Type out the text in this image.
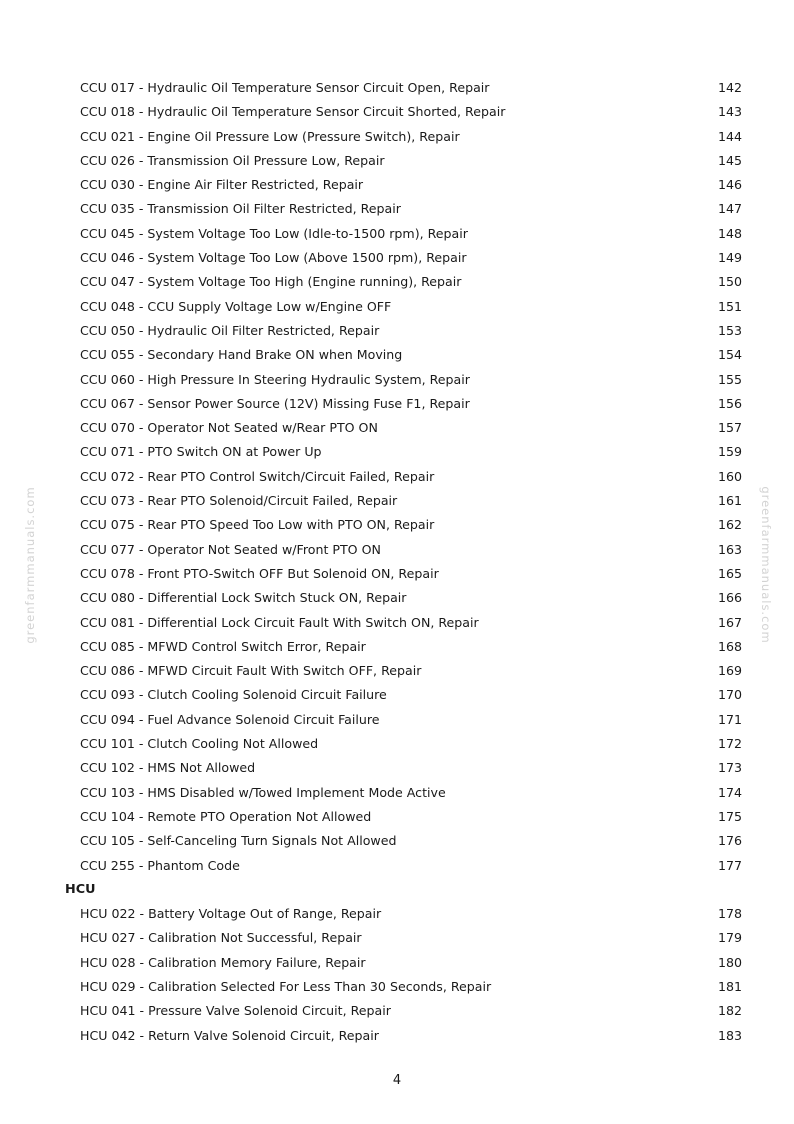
greenfarmmanuals.com	greenfarmmanuals.com
CCU 017 - Hydraulic Oil Temperature Sensor Circuit Open, Repair	142
CCU 018 - Hydraulic Oil Temperature Sensor Circuit Shorted, Repair	143
CCU 021 - Engine Oil Pressure Low (Pressure Switch), Repair	144
CCU 026 - Transmission Oil Pressure Low, Repair	145
CCU 030 - Engine Air Filter Restricted, Repair	146
CCU 035 - Transmission Oil Filter Restricted, Repair	147
CCU 045 - System Voltage Too Low (Idle-to-1500 rpm), Repair	148
CCU 046 - System Voltage Too Low (Above 1500 rpm), Repair	149
CCU 047 - System Voltage Too High (Engine running), Repair	150
CCU 048 - CCU Supply Voltage Low w/Engine OFF	151
CCU 050 - Hydraulic Oil Filter Restricted, Repair	153
CCU 055 - Secondary Hand Brake ON when Moving	154
CCU 060 - High Pressure In Steering Hydraulic System, Repair	155
CCU 067 - Sensor Power Source (12V) Missing Fuse F1, Repair	156
CCU 070 - Operator Not Seated w/Rear PTO ON	157
CCU 071 - PTO Switch ON at Power Up	159
CCU 072 - Rear PTO Control Switch/Circuit Failed, Repair	160
CCU 073 - Rear PTO Solenoid/Circuit Failed, Repair	161
CCU 075 - Rear PTO Speed Too Low with PTO ON, Repair	162
CCU 077 - Operator Not Seated w/Front PTO ON	163
CCU 078 - Front PTO-Switch OFF But Solenoid ON, Repair	165
CCU 080 - Differential Lock Switch Stuck ON, Repair	166
CCU 081 - Differential Lock Circuit Fault With Switch ON, Repair	167
CCU 085 - MFWD Control Switch Error, Repair	168
CCU 086 - MFWD Circuit Fault With Switch OFF, Repair	169
CCU 093 - Clutch Cooling Solenoid Circuit Failure	170
CCU 094 - Fuel Advance Solenoid Circuit Failure	171
CCU 101 - Clutch Cooling Not Allowed	172
CCU 102 - HMS Not Allowed	173
CCU 103 - HMS Disabled w/Towed Implement Mode Active	174
CCU 104 - Remote PTO Operation Not Allowed	175
CCU 105 - Self-Canceling Turn Signals Not Allowed	176
CCU 255 - Phantom Code	177
HCU
HCU 022 - Battery Voltage Out of Range, Repair	178
HCU 027 - Calibration Not Successful, Repair	179
HCU 028 - Calibration Memory Failure, Repair	180
HCU 029 - Calibration Selected For Less Than 30 Seconds, Repair	181
HCU 041 - Pressure Valve Solenoid Circuit, Repair	182
HCU 042 - Return Valve Solenoid Circuit, Repair	183
4
